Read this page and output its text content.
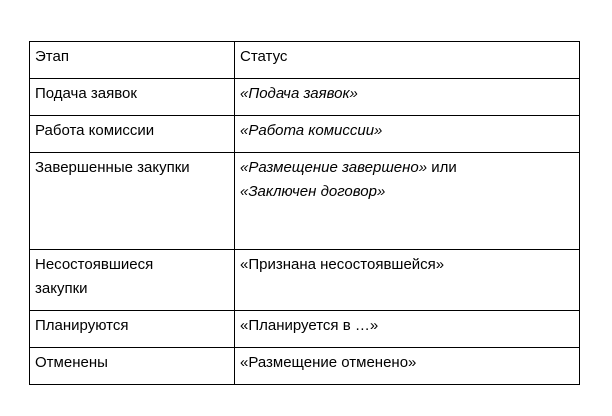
Этап	Статус
Подача заявок	«Подача заявок»
Работа комиссии	«Работа комиссии»
Завершенные закупки	«Размещение завершено» или
«Заключен договор»
Несостоявшиеся
закупки	«Признана несостоявшейся»
Планируются	«Планируется в …»
Отменены	«Размещение отменено»
